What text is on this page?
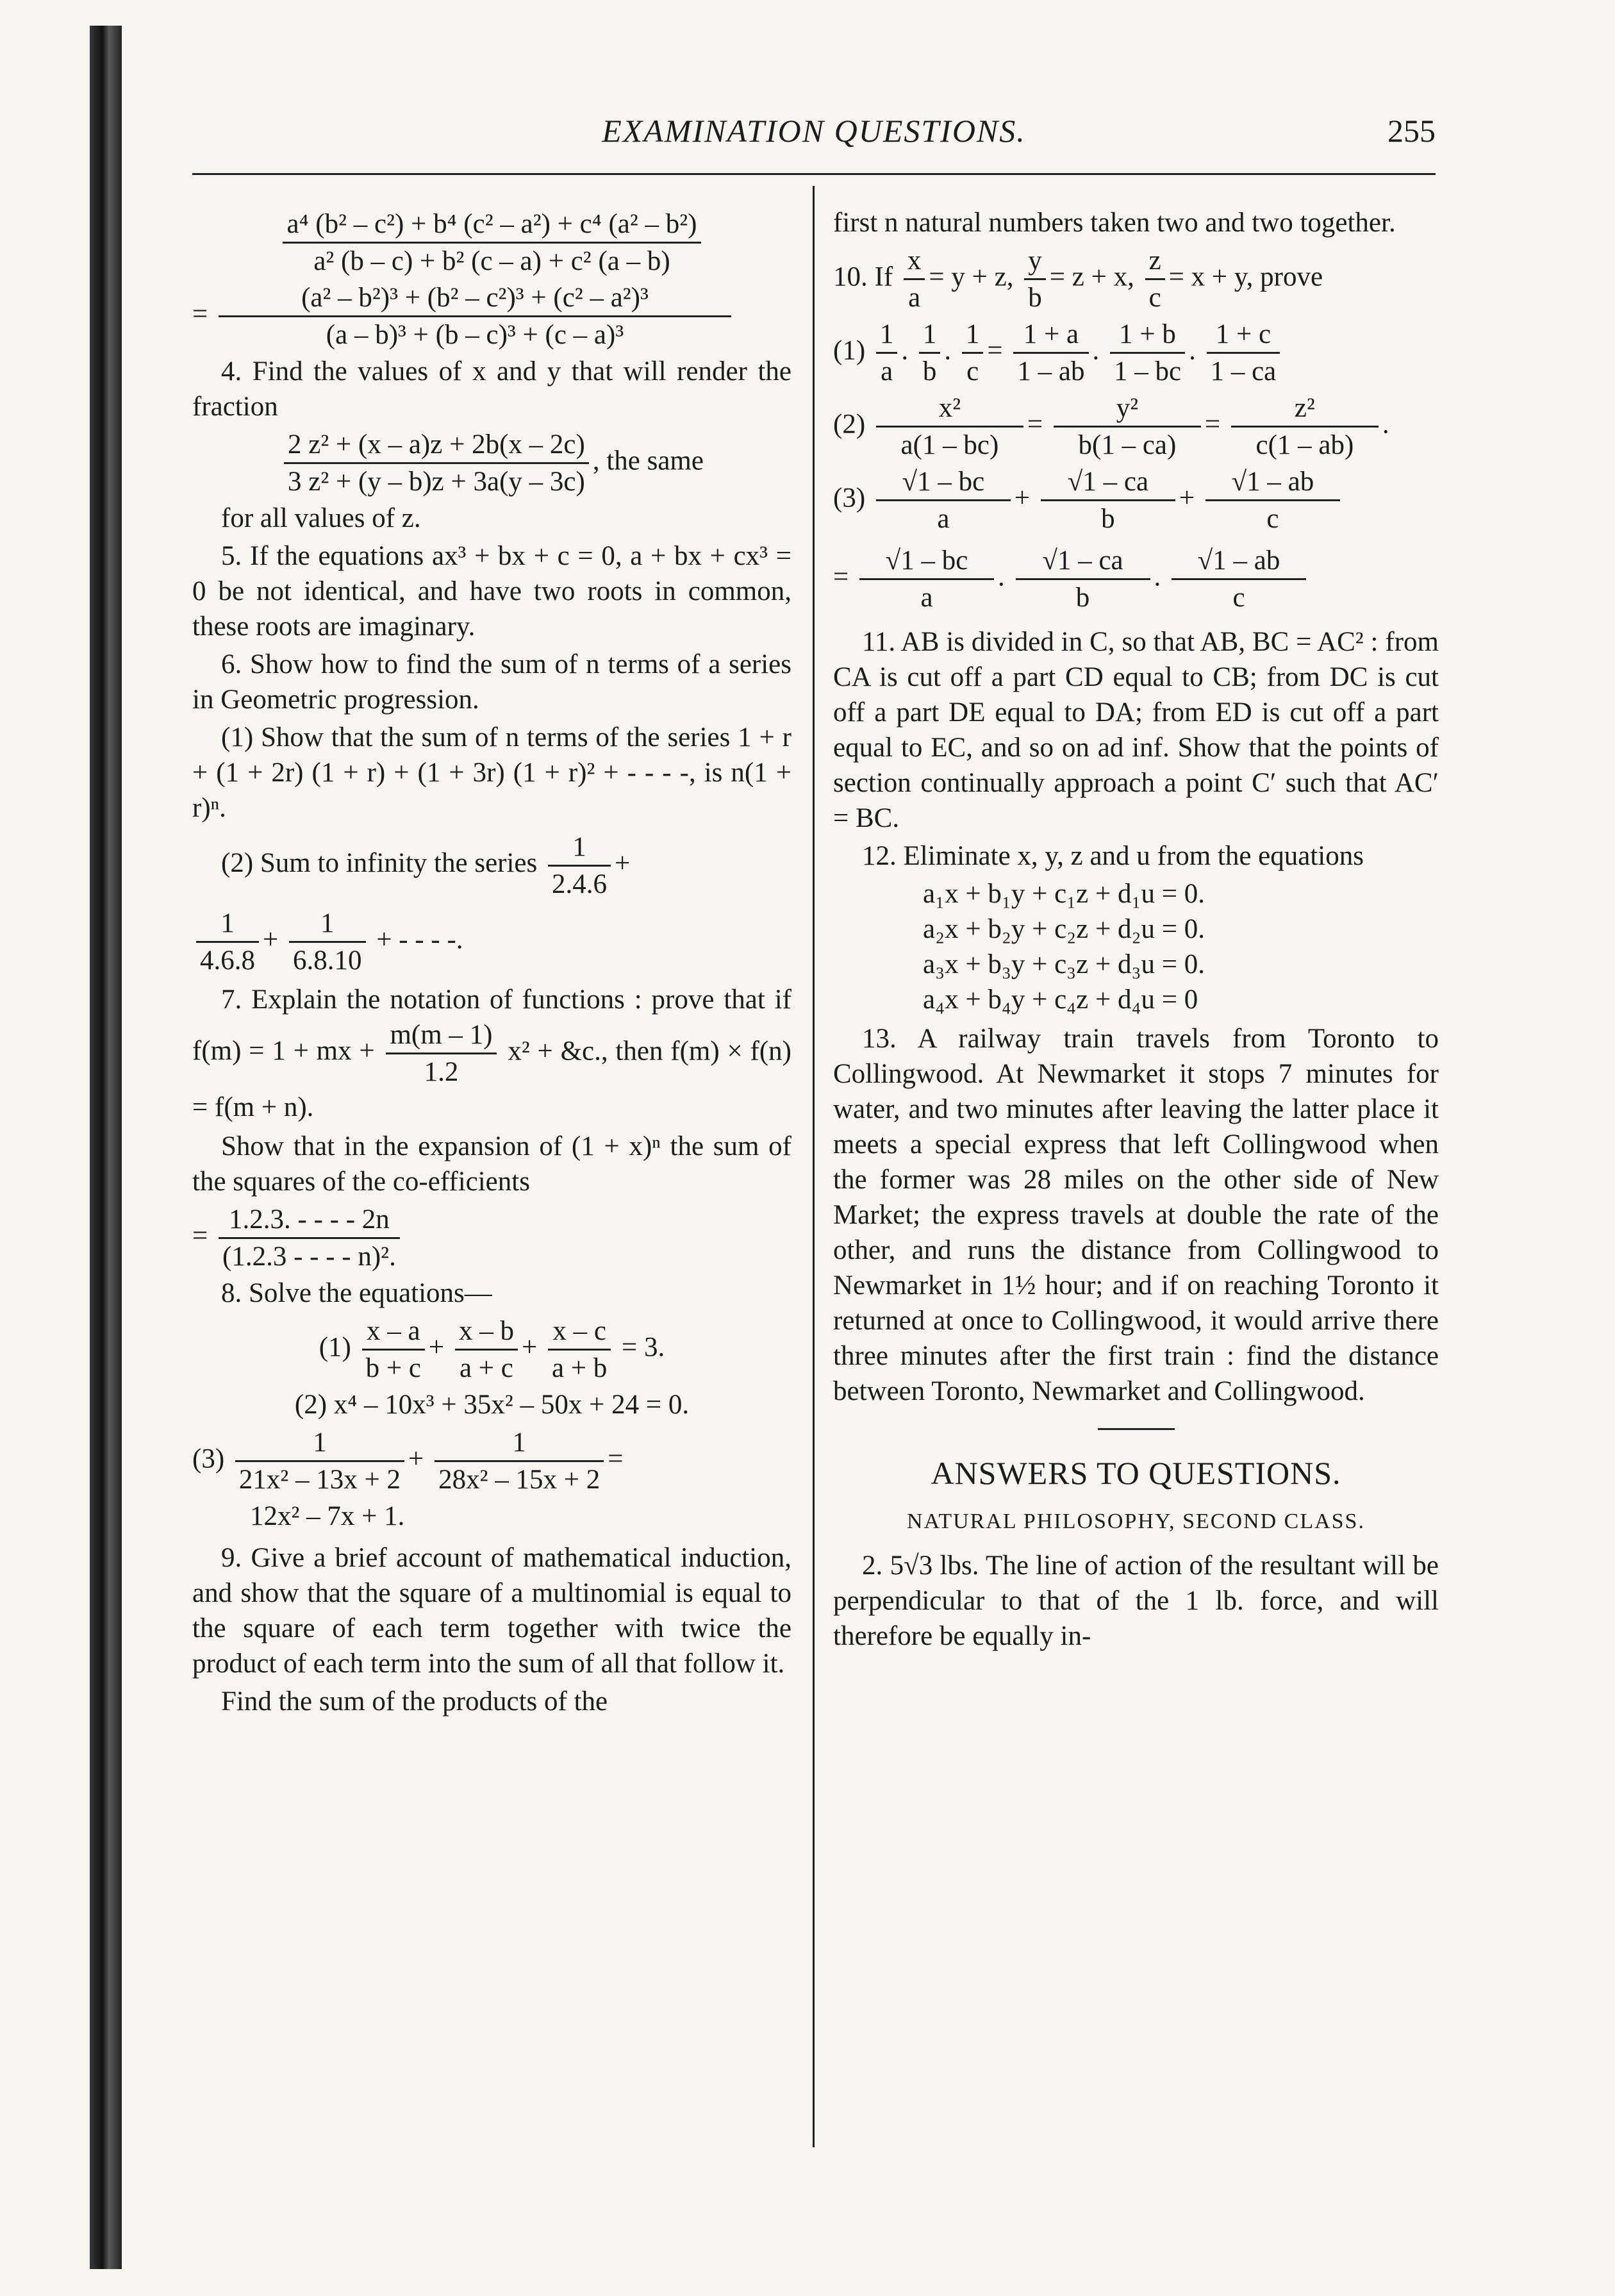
EXAMINATION QUESTIONS.	255
$\frac{\text{a⁴ (b² – c²) + b⁴ (c² – a²) + c⁴ (a² – b²)}}{\text{a² (b – c) + b² (c – a) + c² (a – b)}}$
= $\frac{\text{(a² – b²)³ + (b² – c²)³ + (c² – a²)³}}{\text{(a – b)³ + (b – c)³ + (c – a)³}}$

4. Find the values of x and y that will render the fraction

$\frac{\text{2 z² + (x – a)z + 2b(x – 2c)}}{\text{3 z² + (y – b)z + 3a(y – 3c)}}$ , the same

for all values of z.

5. If the equations ax³ + bx + c = 0, a + bx + cx³ = 0 be not identical, and have two roots in common, these roots are imaginary.

6. Show how to find the sum of n terms of a series in Geometric progression.

(1) Show that the sum of n terms of the series 1 + r + (1 + 2r) (1 + r) + (1 + 3r) (1 + r)² + - - - -, is n(1 + r)ⁿ.

(2) Sum to infinity the series $\frac{1}{2.4.6}$ +
$\frac{1}{4.6.8} + \frac{1}{6.8.10}$ + - - - -.
7. Explain the notation of functions : prove that if f(m) = 1 + mx + $\frac{m(m - 1)}{1.2} x^2$ + &c., then f(m) × f(n) = f(m + n).

Show that in the expansion of (1 + x)ⁿ the sum of the squares of the co-efficients

= $\frac{1.2.3. - - - - 2n}{\text{(1.2.3 - - - - n)².}}$

8. Solve the equations—

$(1) \frac{x - a}{b + c} + \frac{x - b}{a + c} + \frac{x - c}{a + b} = 3$.

(2) x⁴ – 10x³ + 35x² – 50x + 24 = 0.

$(3) \frac{1}{\text{21x² – 13x + 2}} + \frac{1}{\text{28x² – 15x + 2}}$ =

12x² – 7x + 1.

9. Give a brief account of mathematical induction, and show that the square of a multinomial is equal to the square of each term together with twice the product of each term into the sum of all that follow it.

Find the sum of the products of the

first n natural numbers taken two and two together.

10. If $\frac{x}{a} = y + z$, $\frac{y}{b} = z + x$, $\frac{z}{c} = x + y$, prove
$(1) \frac{1}{a}$ . $\frac{1}{b}$ . $\frac{1}{c} = \frac{1 + a}{1 - ab}$ . $\frac{1 + b}{1 - bc}$ . $\frac{1 + c}{1 - ca}$
$(2) \frac{\text{x²}}{a(1 - bc)} = \frac{\text{y²}}{b(1 - ca)} = \frac{\text{z²}}{c(1 - ab)}$ .
$(3) \frac{√1 - bc}{a} + \frac{√1 - ca}{b} + \frac{√1 - ab}{c}$
= $\frac{√1 - bc}{a}$ . $\frac{√1 - ca}{b}$ . $\frac{√1 - ab}{c}$

11. AB is divided in C, so that AB, BC = AC² : from CA is cut off a part CD equal to CB; from DC is cut off a part DE equal to DA; from ED is cut off a part equal to EC, and so on ad inf. Show that the points of section continually approach a point C′ such that AC′ = BC.

12. Eliminate x, y, z and u from the equations

a₁x + b₁y + c₁z + d₁u = 0.
a₂x + b₂y + c₂z + d₂u = 0.
a₃x + b₃y + c₃z + d₃u = 0.
a₄x + b₄y + c₄z + d₄u = 0

13. A railway train travels from Toronto to Collingwood. At Newmarket it stops 7 minutes for water, and two minutes after leaving the latter place it meets a special express that left Collingwood when the former was 28 miles on the other side of New Market; the express travels at double the rate of the other, and runs the distance from Collingwood to Newmarket in 1½ hour; and if on reaching Toronto it returned at once to Collingwood, it would arrive there three minutes after the first train : find the distance between Toronto, Newmarket and Collingwood.

ANSWERS TO QUESTIONS.
NATURAL PHILOSOPHY, SECOND CLASS.

2. 5√3 lbs. The line of action of the resultant will be perpendicular to that of the 1 lb. force, and will therefore be equally in-
